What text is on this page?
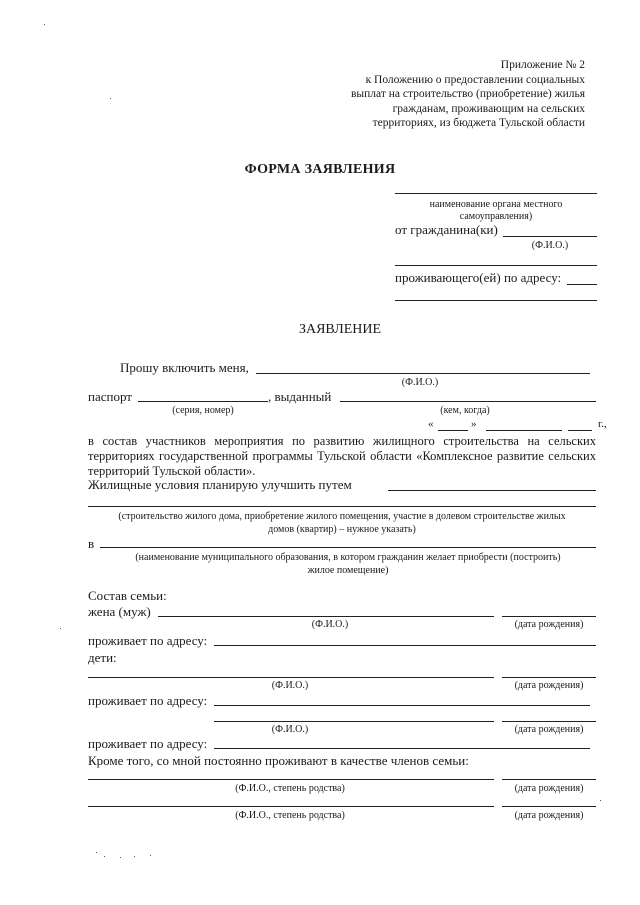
Приложение № 2
к Положению о предоставлении социальных
выплат на строительство (приобретение) жилья
гражданам, проживающим на сельских
территориях, из бюджета Тульской области
ФОРМА ЗАЯВЛЕНИЯ
наименование органа местного
самоуправления)
от гражданина(ки)
(Ф.И.О.)
проживающего(ей) по адресу:
ЗАЯВЛЕНИЕ
Прошу включить меня,
(Ф.И.О.)
паспорт	, выданный
(серия, номер)	(кем, когда)
«	»	г.,
в состав участников мероприятия по развитию жилищного строительства на сельских территориях государственной программы Тульской области «Комплексное развитие сельских территорий Тульской области».
Жилищные условия планирую улучшить путем
(строительство жилого дома, приобретение жилого помещения, участие в долевом строительстве жилых
домов (квартир) – нужное указать)
в
(наименование муниципального образования, в котором гражданин желает приобрести (построить)
жилое помещение)
Состав семьи:
жена (муж)
(Ф.И.О.)	(дата рождения)
проживает по адресу:
дети:
(Ф.И.О.)	(дата рождения)
проживает по адресу:
(Ф.И.О.)	(дата рождения)
проживает по адресу:
Кроме того, со мной постоянно проживают в качестве членов семьи:
(Ф.И.О., степень родства)	(дата рождения)
(Ф.И.О., степень родства)	(дата рождения)
